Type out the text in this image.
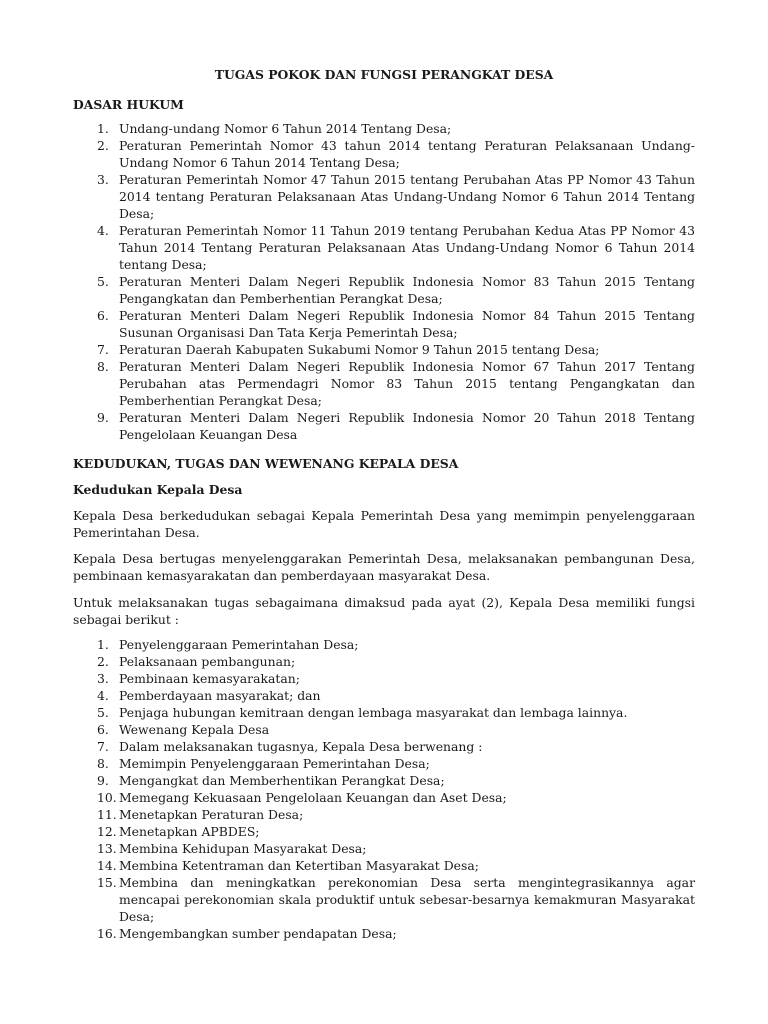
TUGAS POKOK DAN FUNGSI PERANGKAT DESA
DASAR HUKUM
1. Undang-undang Nomor 6 Tahun 2014 Tentang Desa;
2. Peraturan Pemerintah Nomor 43 tahun 2014 tentang Peraturan Pelaksanaan Undang-Undang Nomor 6 Tahun 2014 Tentang Desa;
3. Peraturan Pemerintah Nomor 47 Tahun 2015 tentang Perubahan Atas PP Nomor 43 Tahun 2014 tentang Peraturan Pelaksanaan Atas Undang-Undang Nomor 6 Tahun 2014 Tentang Desa;
4. Peraturan Pemerintah Nomor 11 Tahun 2019 tentang Perubahan Kedua Atas PP Nomor 43 Tahun 2014 Tentang Peraturan Pelaksanaan Atas Undang-Undang Nomor 6 Tahun 2014 tentang Desa;
5. Peraturan Menteri Dalam Negeri Republik Indonesia Nomor 83 Tahun 2015 Tentang Pengangkatan dan Pemberhentian Perangkat Desa;
6. Peraturan Menteri Dalam Negeri Republik Indonesia Nomor 84 Tahun 2015 Tentang Susunan Organisasi Dan Tata Kerja Pemerintah Desa;
7. Peraturan Daerah Kabupaten Sukabumi Nomor 9 Tahun 2015 tentang Desa;
8. Peraturan Menteri Dalam Negeri Republik Indonesia Nomor 67 Tahun 2017 Tentang Perubahan atas Permendagri Nomor 83 Tahun 2015 tentang Pengangkatan dan Pemberhentian Perangkat Desa;
9. Peraturan Menteri Dalam Negeri Republik Indonesia Nomor 20 Tahun 2018 Tentang Pengelolaan Keuangan Desa
KEDUDUKAN, TUGAS DAN WEWENANG KEPALA DESA
Kedudukan Kepala Desa

Kepala Desa berkedudukan sebagai Kepala Pemerintah Desa yang memimpin penyelenggaraan Pemerintahan Desa.

Kepala Desa bertugas menyelenggarakan Pemerintah Desa, melaksanakan pembangunan Desa, pembinaan kemasyarakatan dan pemberdayaan masyarakat Desa.

Untuk melaksanakan tugas sebagaimana dimaksud pada ayat (2), Kepala Desa memiliki fungsi sebagai berikut :

1. Penyelenggaraan Pemerintahan Desa;
2. Pelaksanaan pembangunan;
3. Pembinaan kemasyarakatan;
4. Pemberdayaan masyarakat; dan
5. Penjaga hubungan kemitraan dengan lembaga masyarakat dan lembaga lainnya.
6. Wewenang Kepala Desa
7. Dalam melaksanakan tugasnya, Kepala Desa berwenang :
8. Memimpin Penyelenggaraan Pemerintahan Desa;
9. Mengangkat dan Memberhentikan Perangkat Desa;
10. Memegang Kekuasaan Pengelolaan Keuangan dan Aset Desa;
11. Menetapkan Peraturan Desa;
12. Menetapkan APBDES;
13. Membina Kehidupan Masyarakat Desa;
14. Membina Ketentraman dan Ketertiban Masyarakat Desa;
15. Membina dan meningkatkan perekonomian Desa serta mengintegrasikannya agar mencapai perekonomian skala produktif untuk sebesar-besarnya kemakmuran Masyarakat Desa;
16. Mengembangkan sumber pendapatan Desa;
